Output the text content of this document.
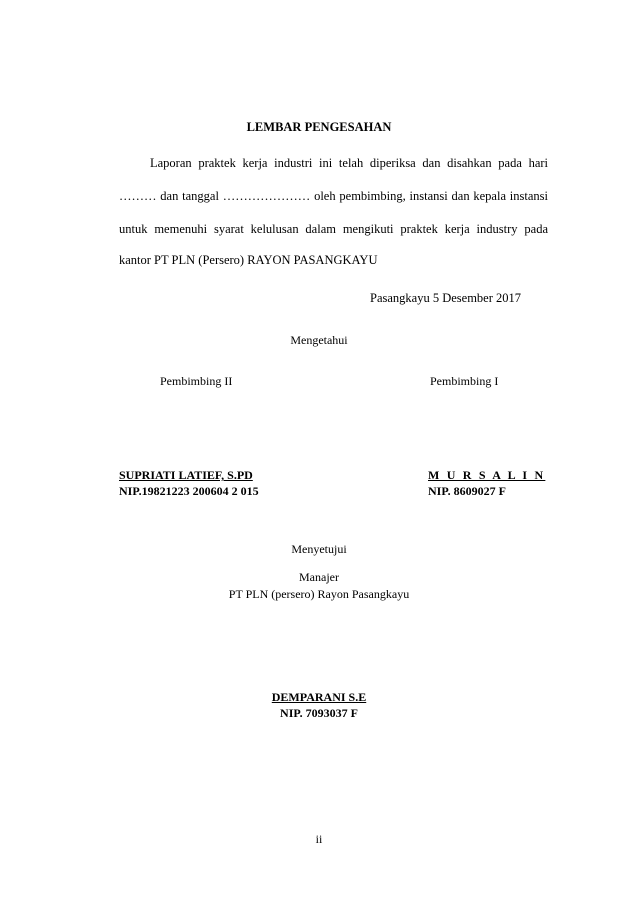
LEMBAR PENGESAHAN
Laporan praktek kerja industri ini telah diperiksa dan disahkan pada hari
……… dan tanggal ………………… oleh pembimbing, instansi dan kepala instansi
untuk memenuhi syarat kelulusan dalam mengikuti praktek kerja industry pada
kantor PT PLN (Persero) RAYON PASANGKAYU
Pasangkayu 5 Desember 2017
Mengetahui
Pembimbing II	Pembimbing I
SUPRIATI LATIEF, S.PD
NIP.19821223 200604 2 015
M U R S A L I N
NIP. 8609027 F
Menyetujui
Manajer
PT PLN (persero) Rayon Pasangkayu
DEMPARANI S.E
NIP. 7093037 F
ii
